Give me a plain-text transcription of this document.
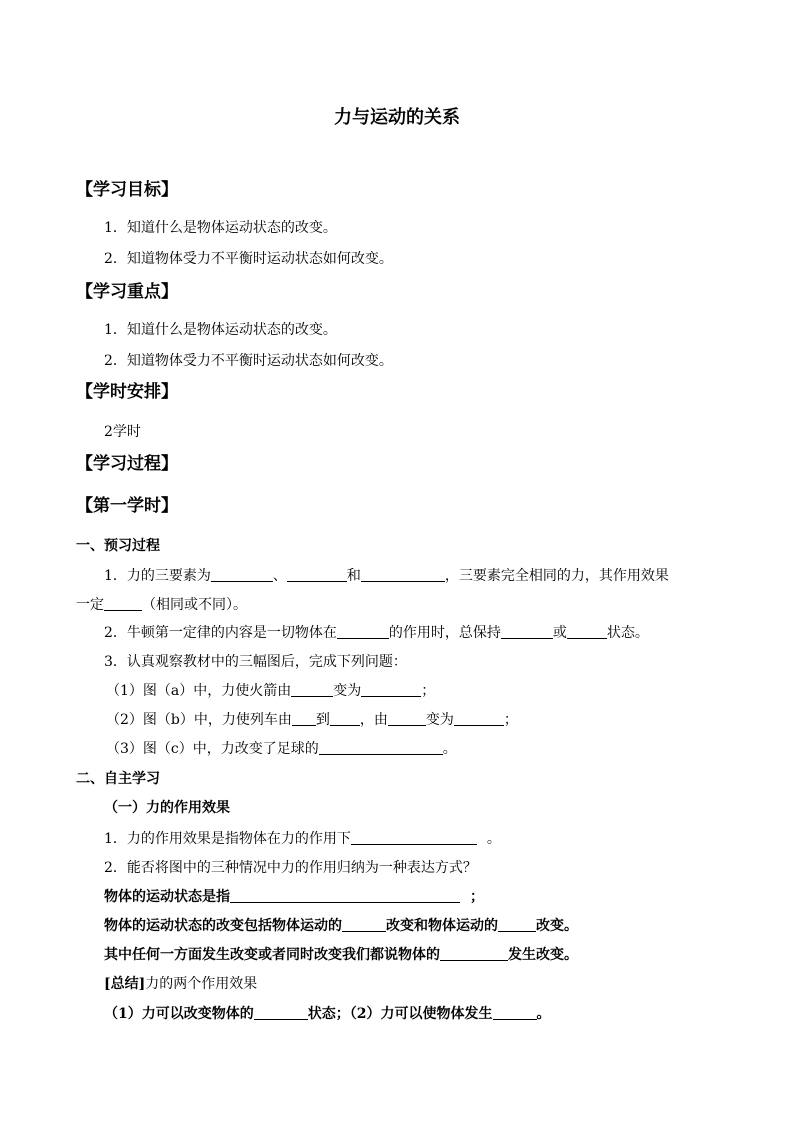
力与运动的关系
【学习目标】
1．知道什么是物体运动状态的改变。
2．知道物体受力不平衡时运动状态如何改变。
【学习重点】
1．知道什么是物体运动状态的改变。
2．知道物体受力不平衡时运动状态如何改变。
【学时安排】
2学时
【学习过程】
【第一学时】
一、预习过程
1．力的三要素为	、	和	，三要素完全相同的力，其作用效果
一定	（相同或不同）。
2．牛顿第一定律的内容是一切物体在	的作用时，总保持	或	状态。
3．认真观察教材中的三幅图后，完成下列问题：
（1）图（a）中，力使火箭由	变为	；
（2）图（b）中，力使列车由 到 ，由	变为	；
（3）图（c）中，力改变了足球的	。
二、自主学习
（一）力的作用效果
1．力的作用效果是指物体在力的作用下	。
2．能否将图中的三种情况中力的作用归纳为一种表达方式？
物体的运动状态是指	；
物体的运动状态的改变包括物体运动的	改变和物体运动的	改变。
其中任何一方面发生改变或者同时改变我们都说物体的	发生改变。
[总结]力的两个作用效果
（1）力可以改变物体的	状态；（2）力可以使物体发生	。
